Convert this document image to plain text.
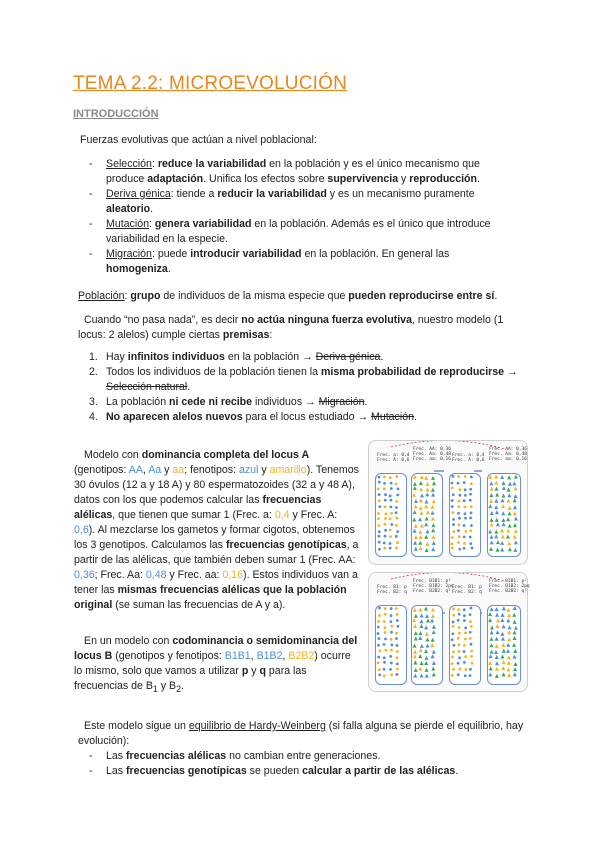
TEMA 2.2: MICROEVOLUCIÓN
INTRODUCCIÓN
Fuerzas evolutivas que actúan a nivel poblacional:
- Selección: reduce la variabilidad en la población y es el único mecanismo que produce adaptación. Unifica los efectos sobre supervivencia y reproducción.
- Deriva génica: tiende a reducir la variabilidad y es un mecanismo puramente aleatorio.
- Mutación: genera variabilidad en la población. Además es el único que introduce variabilidad en la especie.
- Migración: puede introducir variabilidad en la población. En general las homogeniza.
Población: grupo de individuos de la misma especie que pueden reproducirse entre sí.
Cuando “no pasa nada”, es decir no actúa ninguna fuerza evolutiva, nuestro modelo (1 locus: 2 alelos) cumple ciertas premisas:
1. Hay infinitos individuos en la población → Deriva génica.
2. Todos los individuos de la población tienen la misma probabilidad de reproducirse → Selección natural.
3. La población ni cede ni recibe individuos → Migración.
4. No aparecen alelos nuevos para el locus estudiado → Mutación.
Modelo con dominancia completa del locus A (genotipos: AA, Aa y aa; fenotipos: azul y amarillo). Tenemos 30 óvulos (12 a y 18 A) y 80 espermatozoides (32 a y 48 A), datos con los que podemos calcular las frecuencias alélicas, que tienen que sumar 1 (Frec. a: 0,4 y Frec. A: 0,6). Al mezclarse los gametos y formar cigotos, obtenemos los 3 genotipos. Calculamos las frecuencias genotípicas, a partir de las alélicas, que también deben sumar 1 (Frec. AA: 0,36; Frec. Aa: 0,48 y Frec. aa: 0,16). Estos individuos van a tener las mismas frecuencias alélicas que la población original (se suman las frecuencias de A y a).
En un modelo con codominancia o semidominancia del locus B (genotipos y fenotipos: B1B1, B1B2, B2B2) ocurre lo mismo, solo que vamos a utilizar p y q para las frecuencias de $B_1$ y $B_2$.
Frec. a: 0,4
Frec. A: 0,6
Frec. AA: 0,36
Frec. Aa: 0,48
Frec. aa: 0,16
Frec. a: 0,4
Frec. A: 0,6
Frec. AA: 0,36
Frec. Aa: 0,48
Frec. aa: 0,16
Frec. B1: p
Frec. B2: q
Frec. B1B1: p²
Frec. B1B2: 2pq
Frec. B2B2: q²
Frec. B1: p
Frec. B2: q
Frec. B1B1: p²
Frec. B1B2: 2pq
Frec. B2B2: q²
Este modelo sigue un equilibrio de Hardy-Weinberg (si falla alguna se pierde el equilibrio, hay evolución):
- Las frecuencias alélicas no cambian entre generaciones.
- Las frecuencias genotípicas se pueden calcular a partir de las alélicas.
